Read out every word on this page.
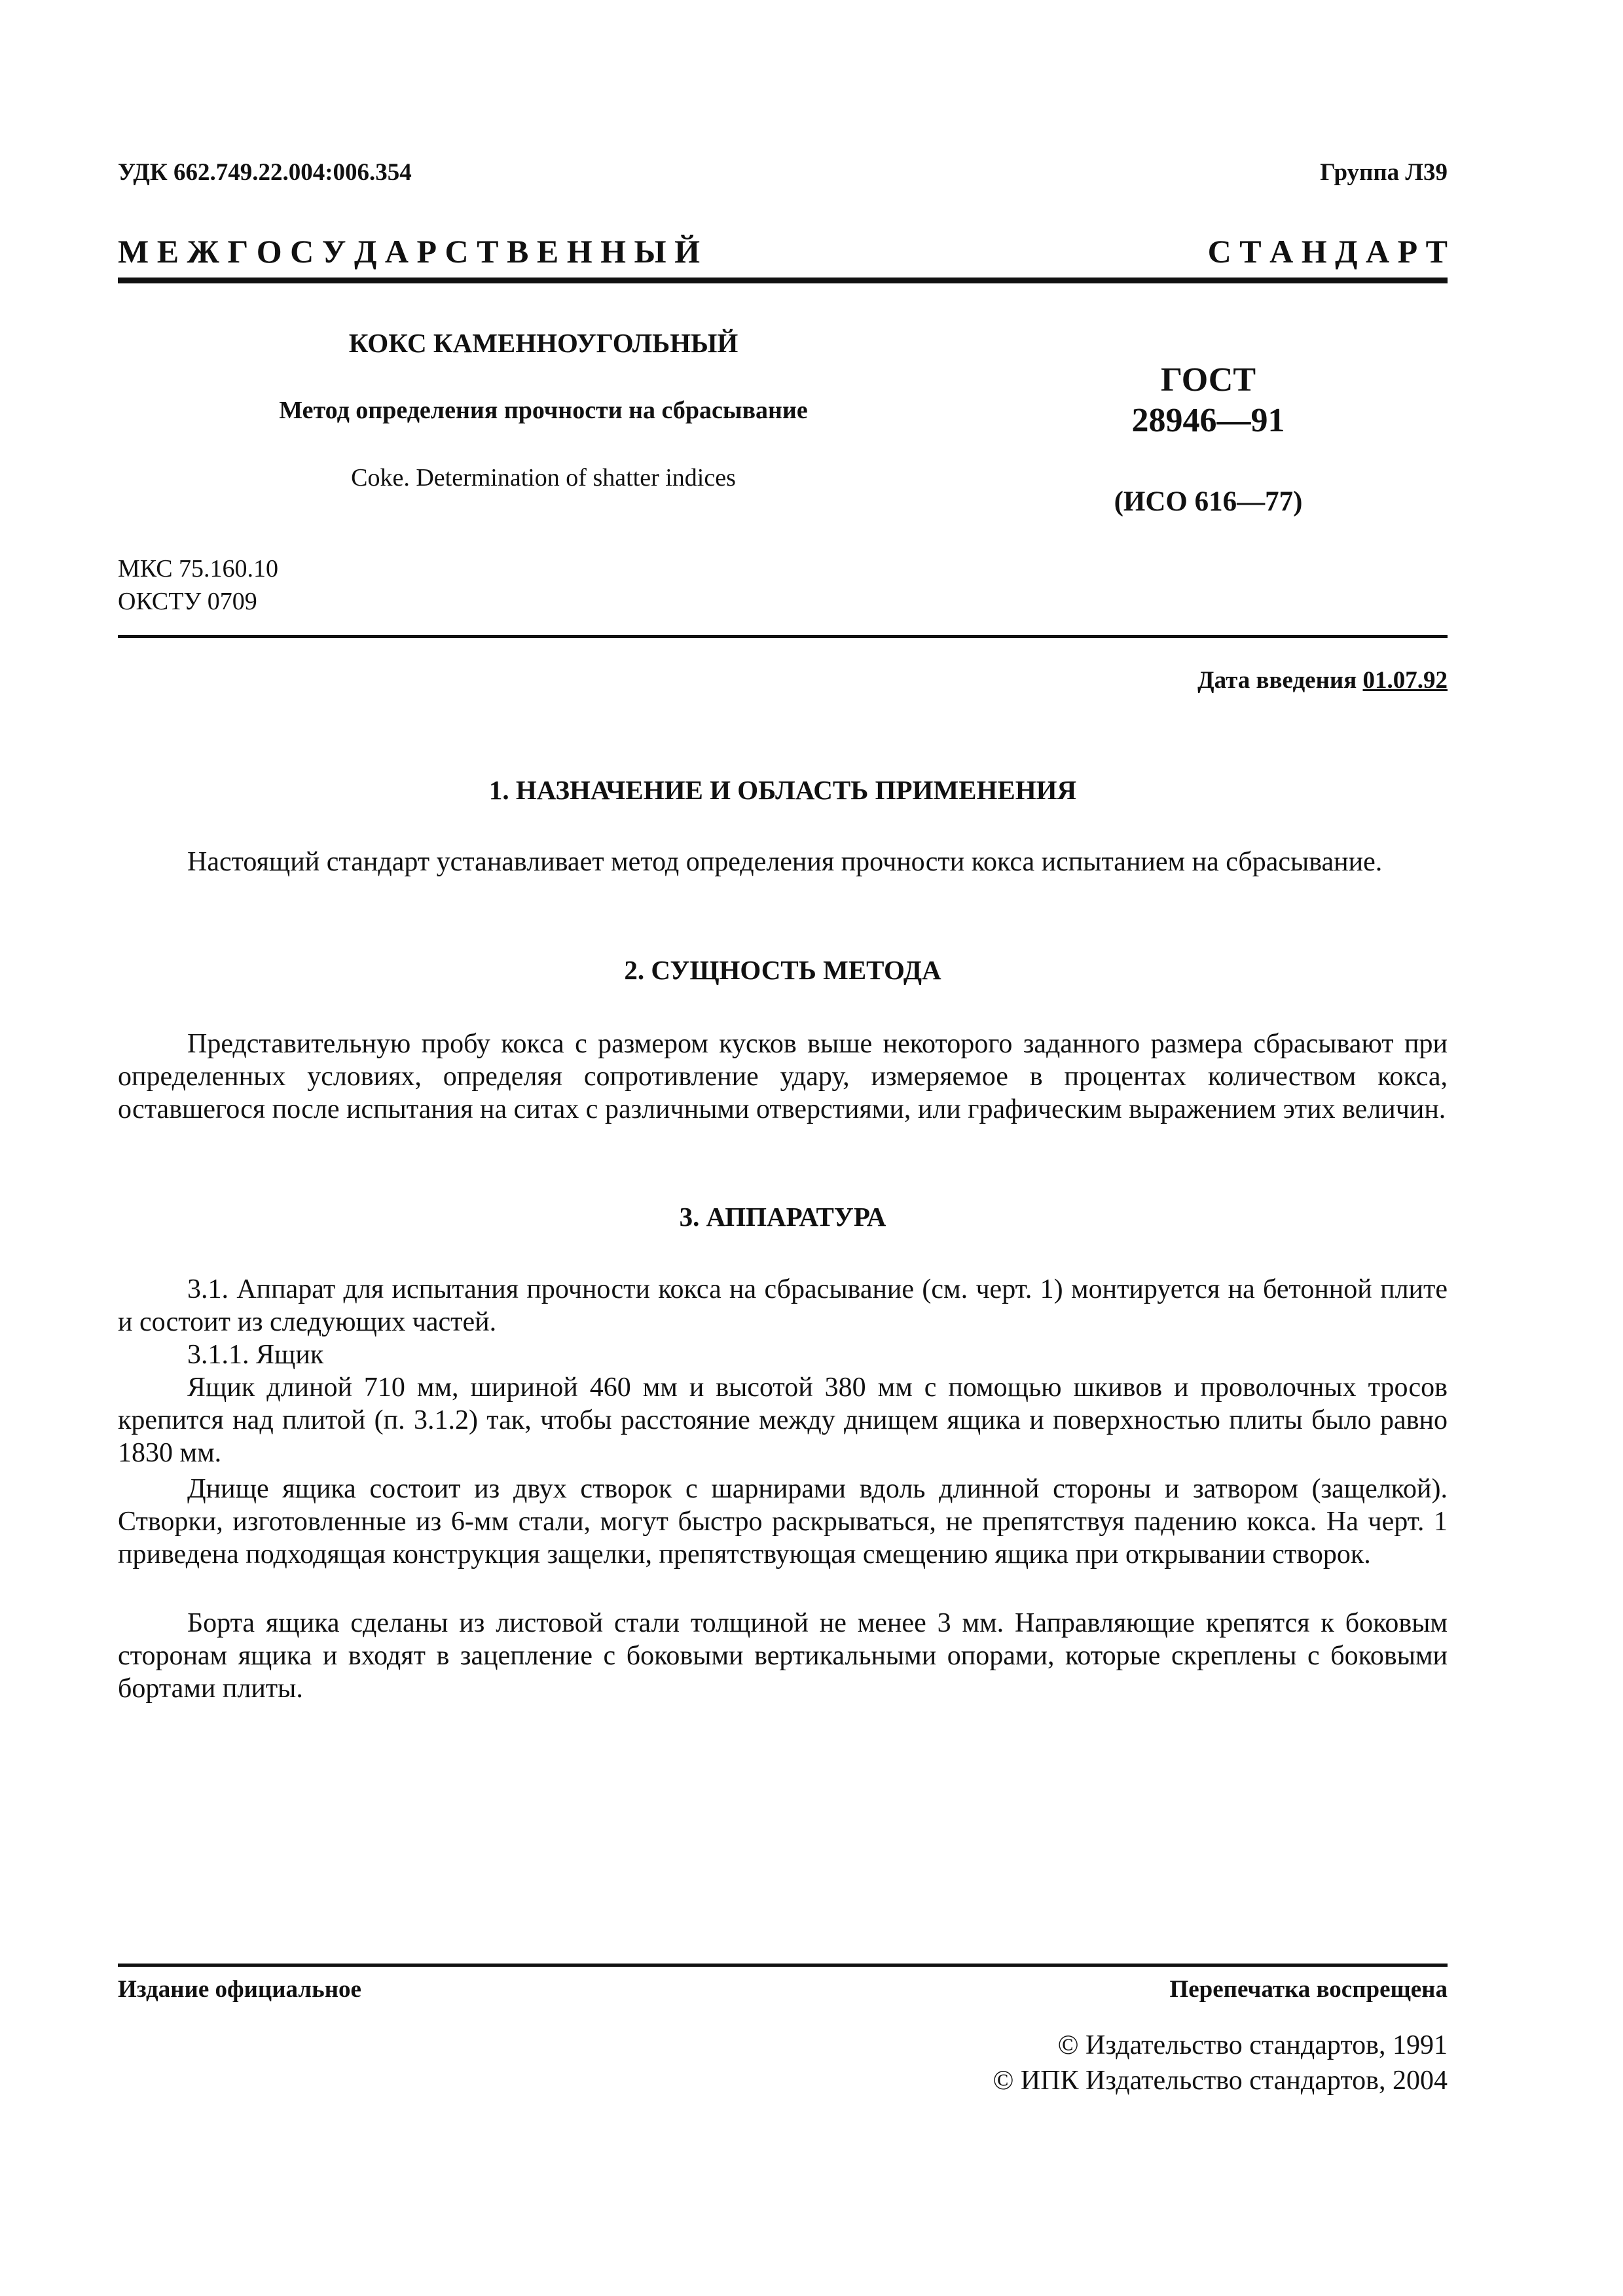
УДК 662.749.22.004:006.354	Группа Л39
М Е Ж Г О С У Д А Р С Т В Е Н Н Ы Й	С Т А Н Д А Р Т
КОКС КАМЕННОУГОЛЬНЫЙ
Метод определения прочности на сбрасывание
Coke. Determination of shatter indices
ГОСТ
28946—91
(ИСО 616—77)
МКС 75.160.10
ОКСТУ 0709
Дата введения 01.07.92
1. НАЗНАЧЕНИЕ И ОБЛАСТЬ ПРИМЕНЕНИЯ

Настоящий стандарт устанавливает метод определения прочности кокса испытанием на сбрасывание.

2. СУЩНОСТЬ МЕТОДА

Представительную пробу кокса с размером кусков выше некоторого заданного размера сбрасывают при определенных условиях, определяя сопротивление удару, измеряемое в процентах количеством кокса, оставшегося после испытания на ситах с различными отверстиями, или графическим выражением этих величин.

3. АППАРАТУРА

3.1. Аппарат для испытания прочности кокса на сбрасывание (см. черт. 1) монтируется на бетонной плите и состоит из следующих частей.

3.1.1. Ящик

Ящик длиной 710 мм, шириной 460 мм и высотой 380 мм с помощью шкивов и проволочных тросов крепится над плитой (п. 3.1.2) так, чтобы расстояние между днищем ящика и поверхностью плиты было равно 1830 мм.

Днище ящика состоит из двух створок с шарнирами вдоль длинной стороны и затвором (защелкой). Створки, изготовленные из 6-мм стали, могут быстро раскрываться, не препятствуя падению кокса. На черт. 1 приведена подходящая конструкция защелки, препятствующая смещению ящика при открывании створок.

Борта ящика сделаны из листовой стали толщиной не менее 3 мм. Направляющие крепятся к боковым сторонам ящика и входят в зацепление с боковыми вертикальными опорами, которые скреплены с боковыми бортами плиты.

Издание официальное	Перепечатка воспрещена
© Издательство стандартов, 1991
© ИПК Издательство стандартов, 2004
